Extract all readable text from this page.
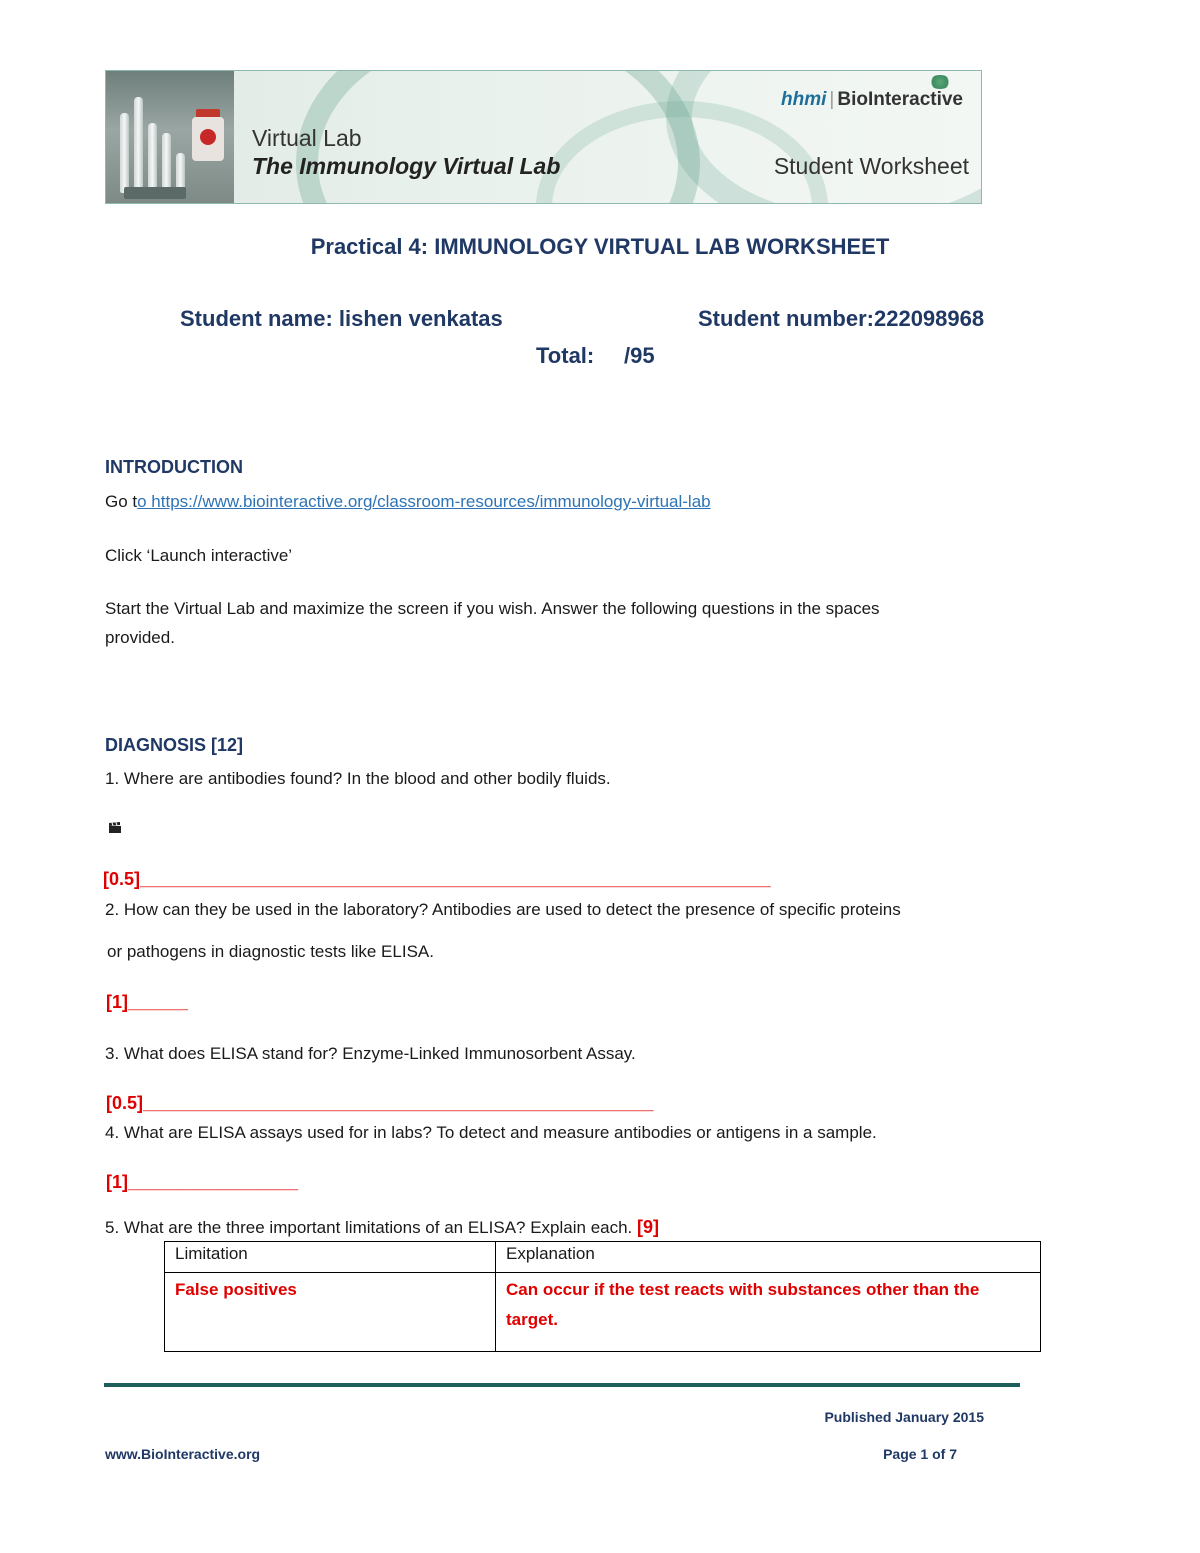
Virtual Lab
The Immunology Virtual Lab	Student Worksheet
hhmi | BioInteractive
Practical 4: IMMUNOLOGY VIRTUAL LAB WORKSHEET
Student name: lishen venkatas	Student number:222098968
Total: /95
INTRODUCTION
Go to https://www.biointeractive.org/classroom-resources/immunology-virtual-lab
Click ‘Launch interactive’
Start the Virtual Lab and maximize the screen if you wish. Answer the following questions in the spaces
provided.
DIAGNOSIS [12]
1. Where are antibodies found? In the blood and other bodily fluids.
[0.5]_______________________________________________________________
2. How can they be used in the laboratory? Antibodies are used to detect the presence of specific proteins
or pathogens in diagnostic tests like ELISA.
[1]______
3. What does ELISA stand for? Enzyme-Linked Immunosorbent Assay.
[0.5]___________________________________________________
4. What are ELISA assays used for in labs? To detect and measure antibodies or antigens in a sample.
[1]_________________
5. What are the three important limitations of an ELISA? Explain each. [9]
Limitation	Explanation
False positives	Can occur if the test reacts with substances other than the target.
Published January 2015
www.BioInteractive.org	Page 1 of 7
